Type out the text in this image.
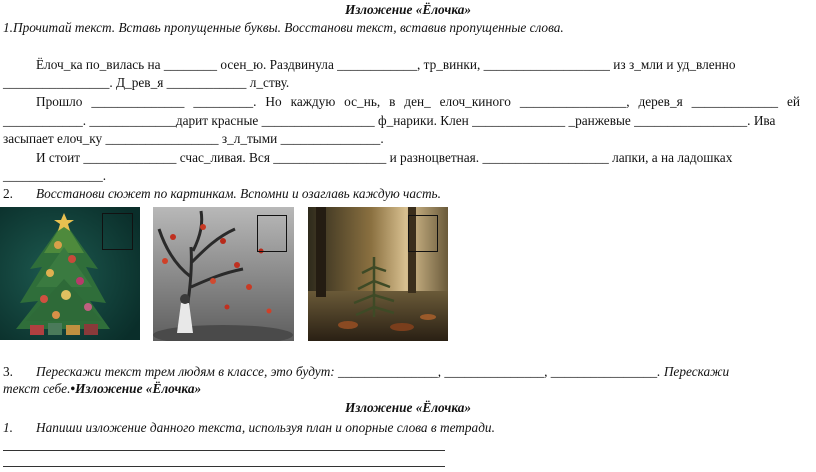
Изложение «Ёлочка»
1.Прочитай текст. Вставь пропущенные буквы. Восстанови текст, вставив пропущенные слова.
Ёлоч_ка по_вилась на ________ осен_ю. Раздвинула ____________, тр_винки, ___________________ из з_мли и уд_вленно
________________. Д_рев_я ____________ л_ству.
Прошло ______________ _________. Но каждую ос_нь, в ден_ елоч_киного ________________, дерев_я _____________ ей
____________. _____________дарит красные _________________ ф_нарики. Клен ______________ _ранжевые _________________. Ива
засыпает елоч_ку _________________ з_л_тыми _______________.
И стоит ______________ счас_ливая. Вся _________________ и разноцветная. ___________________ лапки, а на ладошках
_______________.
2. Восстанови сюжет по картинкам. Вспомни и озаглавь каждую часть.
3. Перескажи текст трем людям в классе, это будут: _______________, _______________, ________________. Перескажи
текст себе.•Изложение «Ёлочка»
Изложение «Ёлочка»
1. Напиши изложение данного текста, используя план и опорные слова в тетради.
